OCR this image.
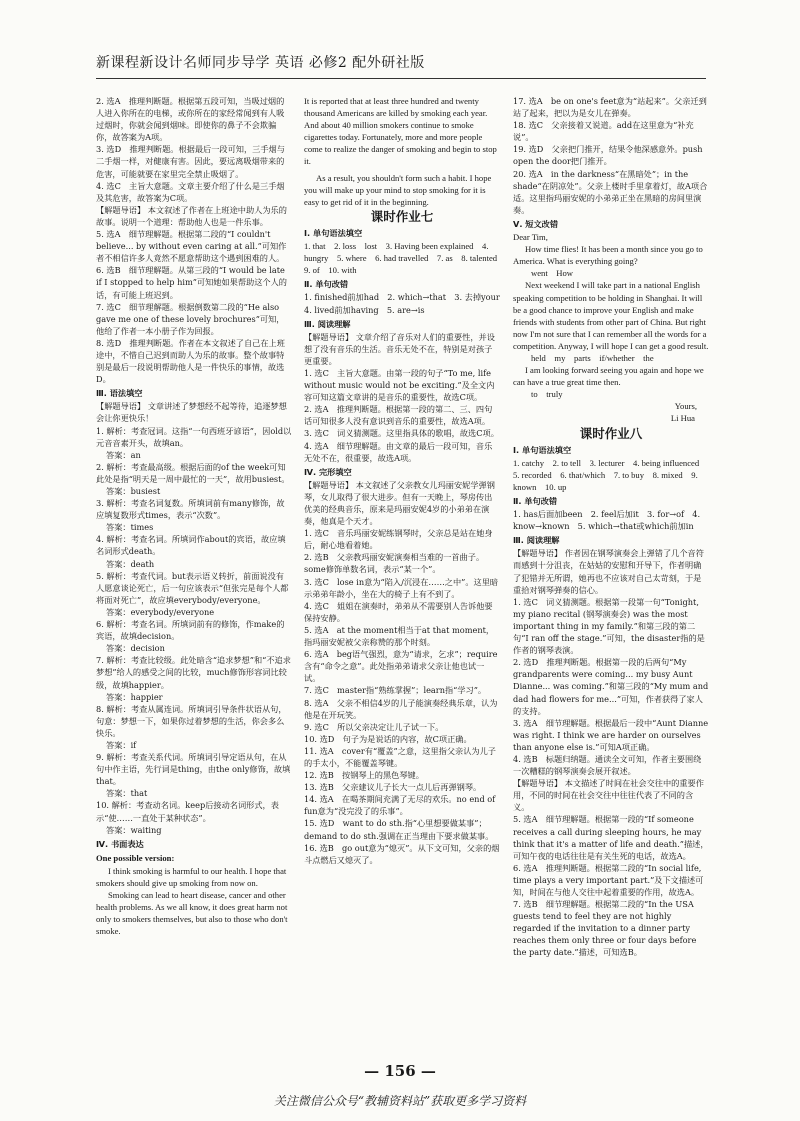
新课程新设计名师同步导学 英语 必修2 配外研社版

2. 选A　推理判断题。根据第五段可知，当吸过烟的人进入你所在的电梯，或你所在的家经常闻到有人吸过烟时，你就会闻到烟味。即使你的鼻子不会欺骗你，故答案为A项。

3. 选D　推理判断题。根据最后一段可知，三手烟与二手烟一样，对健康有害。因此，要远离吸烟带来的危害，可能就要在家里完全禁止吸烟了。

4. 选C　主旨大意题。文章主要介绍了什么是三手烟及其危害，故答案为C项。

【解题导语】 本文叙述了作者在上班途中助人为乐的故事。说明一个道理：帮助他人也是一件乐事。

5. 选A　细节理解题。根据第二段的“I couldn't believe... by without even caring at all.”可知作者不相信许多人竟然不愿意帮助这个遇到困难的人。

6. 选B　细节理解题。从第三段的“I would be late if I stopped to help him”可知她如果帮助这个人的话，有可能上班迟到。

7. 选C　细节理解题。根据倒数第二段的“He also gave me one of these lovely brochures”可知，他给了作者一本小册子作为回报。

8. 选D　推理判断题。作者在本文叙述了自己在上班途中，不惜自己迟到而助人为乐的故事。整个故事特别是最后一段说明帮助他人是一件快乐的事情，故选D。

Ⅲ. 语法填空

【解题导语】 文章讲述了梦想经不起等待，追逐梦想会让你更快乐！

1. 解析：考查冠词。这指“一句西班牙谚语”，因old以元音音素开头，故填an。

答案：an

2. 解析：考查最高级。根据后面的of the week可知此处是指“明天是一周中最忙的一天”，故用busiest。

答案：busiest

3. 解析：考查名词复数。所填词前有many修饰，故应填复数形式times，表示“次数”。

答案：times

4. 解析：考查名词。所填词作about的宾语，故应填名词形式death。

答案：death

5. 解析：考查代词。but表示语义转折，前面说没有人愿意谈论死亡，后一句应该表示“但张完是每个人都将面对死亡”，故应填everybody/everyone。

答案：everybody/everyone

6. 解析：考查名词。所填词前有的修饰，作make的宾语，故填decision。

答案：decision

7. 解析：考查比较级。此处暗含“追求梦想”和“不追求梦想”给人的感受之间的比较，much修饰形容词比较级，故填happier。

答案：happier

8. 解析：考查从属连词。所填词引导条件状语从句，句意：梦想一下，如果你过着梦想的生活，你会多么快乐。

答案：if

9. 解析：考查关系代词。所填词引导定语从句，在从句中作主语，先行词是thing，由the only修饰，故填that。

答案：that

10. 解析：考查动名词。keep后接动名词形式，表示“使……一直处于某种状态”。

答案：waiting

Ⅳ. 书面表达

One possible version:

I think smoking is harmful to our health. I hope that smokers should give up smoking from now on.

Smoking can lead to heart disease, cancer and other health problems. As we all know, it does great harm not only to smokers themselves, but also to those who don't smoke.

It is reported that at least three hundred and twenty thousand Americans are killed by smoking each year. And about 40 million smokers continue to smoke cigarettes today. Fortunately, more and more people come to realize the danger of smoking and begin to stop it.

As a result, you shouldn't form such a habit. I hope you will make up your mind to stop smoking for it is easy to get rid of it in the beginning.

课时作业七

Ⅰ. 单句语法填空

1. that　2. loss　lost　3. Having been explained　4. hungry　5. where　6. had travelled　7. as　8. talented　9. of　10. with

Ⅱ. 单句改错

1. finished前加had　2. which→that　3. 去掉your　4. lived前加having　5. are→is

Ⅲ. 阅读理解

【解题导语】 文章介绍了音乐对人们的重要性，并设想了没有音乐的生活。音乐无处不在，特别是对孩子更重要。

1. 选C　主旨大意题。由第一段的句子“To me, life without music would not be exciting.”及全文内容可知这篇文章讲的是音乐的重要性，故选C项。

2. 选A　推理判断题。根据第一段的第二、三、四句话可知很多人没有意识到音乐的重要性，故选A项。

3. 选C　词义猜测题。这里指具体的歌唱，故选C项。

4. 选A　细节理解题。由文章的最后一段可知，音乐无处不在，很重要，故选A项。

Ⅳ. 完形填空

【解题导语】 本文叙述了父亲教女儿玛丽安妮学弹钢琴，女儿取得了很大进步。但有一天晚上，琴房传出优美的经典音乐，原来是玛丽安妮4岁的小弟弟在演奏，他真是个天才。

1. 选C　音乐玛丽安妮练钢琴时，父亲总是站在她身后，耐心地看着她。

2. 选B　父亲教玛丽安妮演奏相当难的一首曲子。some修饰单数名词，表示“某一个”。

3. 选C　lose in意为“陷入/沉浸在……之中”。这里暗示弟弟年龄小，坐在大的椅子上有不到了。

4. 选C　姐姐在演奏时，弟弟从不需要别人告诉他要保持安静。

5. 选A　at the moment相当于at that moment，指玛丽安妮被父亲称赞的那个时刻。

6. 选A　beg语气强烈，意为“请求，乞求”；require含有“命令之意”。此处指弟弟请求父亲让他也试一试。

7. 选C　master指“熟练掌握”；learn指“学习”。

8. 选A　父亲不相信4岁的儿子能演奏经典乐章，认为他是在开玩笑。

9. 选C　所以父亲决定让儿子试一下。

10. 选D　句子为是说话的内容，故C项正确。

11. 选A　cover有“覆盖”之意，这里指父亲认为儿子的手太小，不能覆盖琴键。

12. 选B　按钢琴上的黑色琴键。

13. 选B　父亲建议儿子长大一点儿后再弹钢琴。

14. 选A　在喝茶期间充满了无尽的欢乐。no end of fun意为“没完没了的乐事”。

15. 选D　want to do sth.指“心里想要做某事”；demand to do sth.强调在正当理由下要求做某事。

16. 选B　go out意为“熄灭”。从下文可知，父亲的烟斗点燃后又熄灭了。

17. 选A　be on one's feet意为“站起来”。父亲迁到站了起来，把以为是女儿在弹奏。

18. 选C　父亲接着又说道。add在这里意为“补充说”。

19. 选D　父亲把门推开，结果令他深感意外。push open the door把门推开。

20. 选A　in the darkness“在黑暗处”；in the shade“在阴凉处”。父亲上楼时手里拿着灯，故A项合适。这里指玛丽安妮的小弟弟正坐在黑暗的房间里演奏。

Ⅴ. 短文改错

Dear Tim,

How time flies! It has been a month since you go to America. What is everything going?

went　How

Next weekend I will take part in a national English speaking competition to be holding in Shanghai. It will be a good chance to improve your English and make friends with students from other part of China. But right now I'm not sure that I can remember all the words for a competition. Anyway, I will hope I can get a good result.

held　my　parts　if/whether　the

I am looking forward seeing you again and hope we can have a true great time then.

to　truly

Yours,

Li Hua

课时作业八

Ⅰ. 单句语法填空

1. catchy　2. to tell　3. lecturer　4. being influenced　5. recorded　6. that/which　7. to buy　8. mixed　9. known　10. up

Ⅱ. 单句改错

1. has后面加been　2. feel后加it　3. for→of　4. know→known　5. which→that或which前加in

Ⅲ. 阅读理解

【解题导语】 作者因在钢琴演奏会上弹错了几个音符而感到十分沮丧，在姑姑的安慰和开导下，作者明确了犯错并无所谓，她再也不应该对自己太苛刻，于是重拾对钢琴弹奏的信心。

1. 选C　词义猜测题。根据第一段第一句“Tonight, my piano recital (钢琴演奏会) was the most important thing in my family.”和第三段的第二句“I ran off the stage.”可知，the disaster指的是作者的钢琴表演。

2. 选D　推理判断题。根据第一段的后两句“My grandparents were coming... my busy Aunt Dianne... was coming.”和第三段的“My mum and dad had flowers for me...”可知，作者获得了家人的支持。

3. 选A　细节理解题。根据最后一段中“Aunt Dianne was right. I think we are harder on ourselves than anyone else is.”可知A项正确。

4. 选B　标题归纳题。通读全文可知，作者主要围绕一次糟糕的钢琴演奏会展开叙述。

【解题导语】 本文描述了时间在社会交往中的重要作用，不同的时间在社会交往中往往代表了不同的含义。

5. 选A　细节理解题。根据第一段的“If someone receives a call during sleeping hours, he may think that it's a matter of life and death.”描述，可知午夜的电话往往是有关生死的电话，故选A。

6. 选A　推理判断题。根据第二段的“In social life, time plays a very important part.”及下文描述可知，时间在与他人交往中起着重要的作用，故选A。

7. 选B　细节理解题。根据第二段的“In the USA guests tend to feel they are not highly regarded if the invitation to a dinner party reaches them only three or four days before the party date.”描述，可知选B。

— 156 —
关注微信公众号“教辅资料站”获取更多学习资料
